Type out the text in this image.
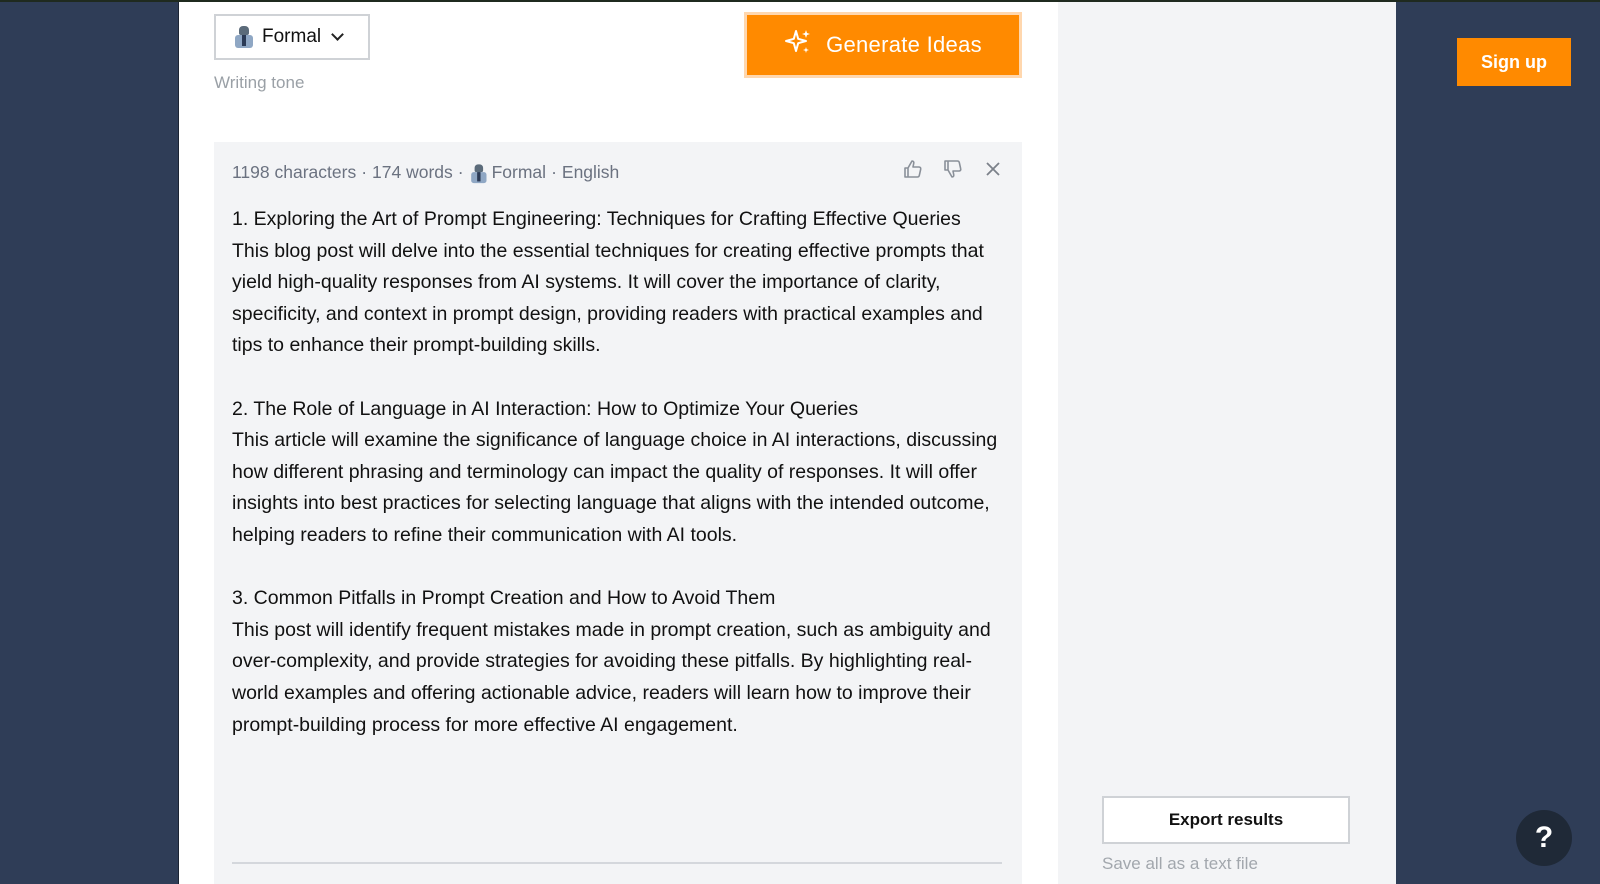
Formal
Writing tone
Generate Ideas
1198 characters · 174 words · Formal · English
1. Exploring the Art of Prompt Engineering: Techniques for Crafting Effective Queries
This blog post will delve into the essential techniques for creating effective prompts that yield high-quality responses from AI systems. It will cover the importance of clarity, specificity, and context in prompt design, providing readers with practical examples and tips to enhance their prompt-building skills.

2. The Role of Language in AI Interaction: How to Optimize Your Queries
This article will examine the significance of language choice in AI interactions, discussing how different phrasing and terminology can impact the quality of responses. It will offer insights into best practices for selecting language that aligns with the intended outcome, helping readers to refine their communication with AI tools.

3. Common Pitfalls in Prompt Creation and How to Avoid Them
This post will identify frequent mistakes made in prompt creation, such as ambiguity and over-complexity, and provide strategies for avoiding these pitfalls. By highlighting real-world examples and offering actionable advice, readers will learn how to improve their prompt-building process for more effective AI engagement.
Export results
Save all as a text file
Sign up
?
